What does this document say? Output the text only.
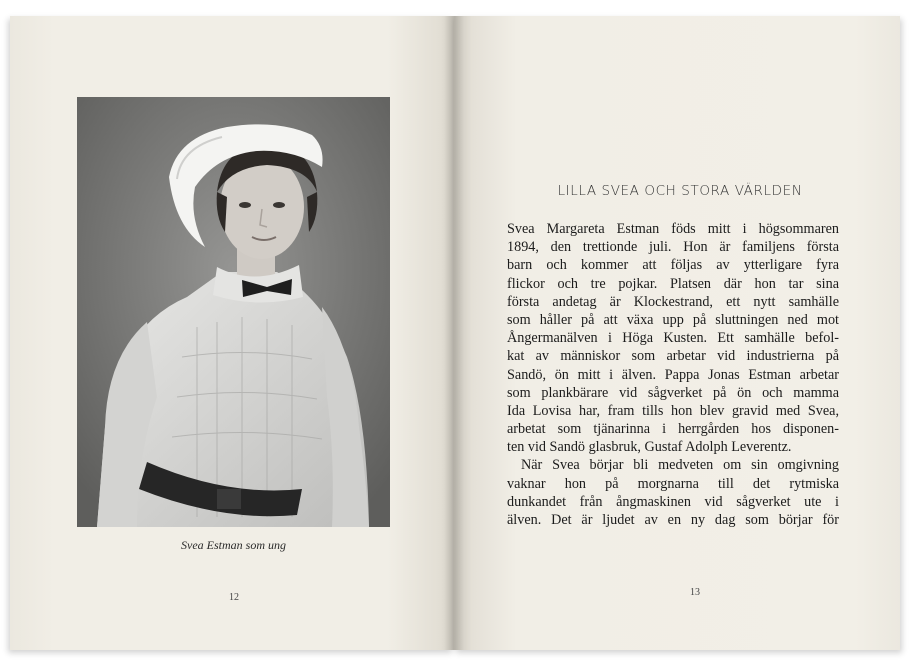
Svea Estman som ung
12
LILLA SVEA OCH STORA VÄRLDEN
Svea Margareta Estman föds mitt i högsommaren
1894, den trettionde juli. Hon är familjens första
barn och kommer att följas av ytterligare fyra
flickor och tre pojkar. Platsen där hon tar sina
första andetag är Klockestrand, ett nytt samhälle
som håller på att växa upp på sluttningen ned mot
Ångermanälven i Höga Kusten. Ett samhälle befol-
kat av människor som arbetar vid industrierna på
Sandö, ön mitt i älven. Pappa Jonas Estman arbetar
som plankbärare vid sågverket på ön och mamma
Ida Lovisa har, fram tills hon blev gravid med Svea,
arbetat som tjänarinna i herrgården hos disponen-
ten vid Sandö glasbruk, Gustaf Adolph Leverentz.
När Svea börjar bli medveten om sin omgivning
vaknar hon på morgnarna till det rytmiska
dunkandet från ångmaskinen vid sågverket ute i
älven. Det är ljudet av en ny dag som börjar för
13
